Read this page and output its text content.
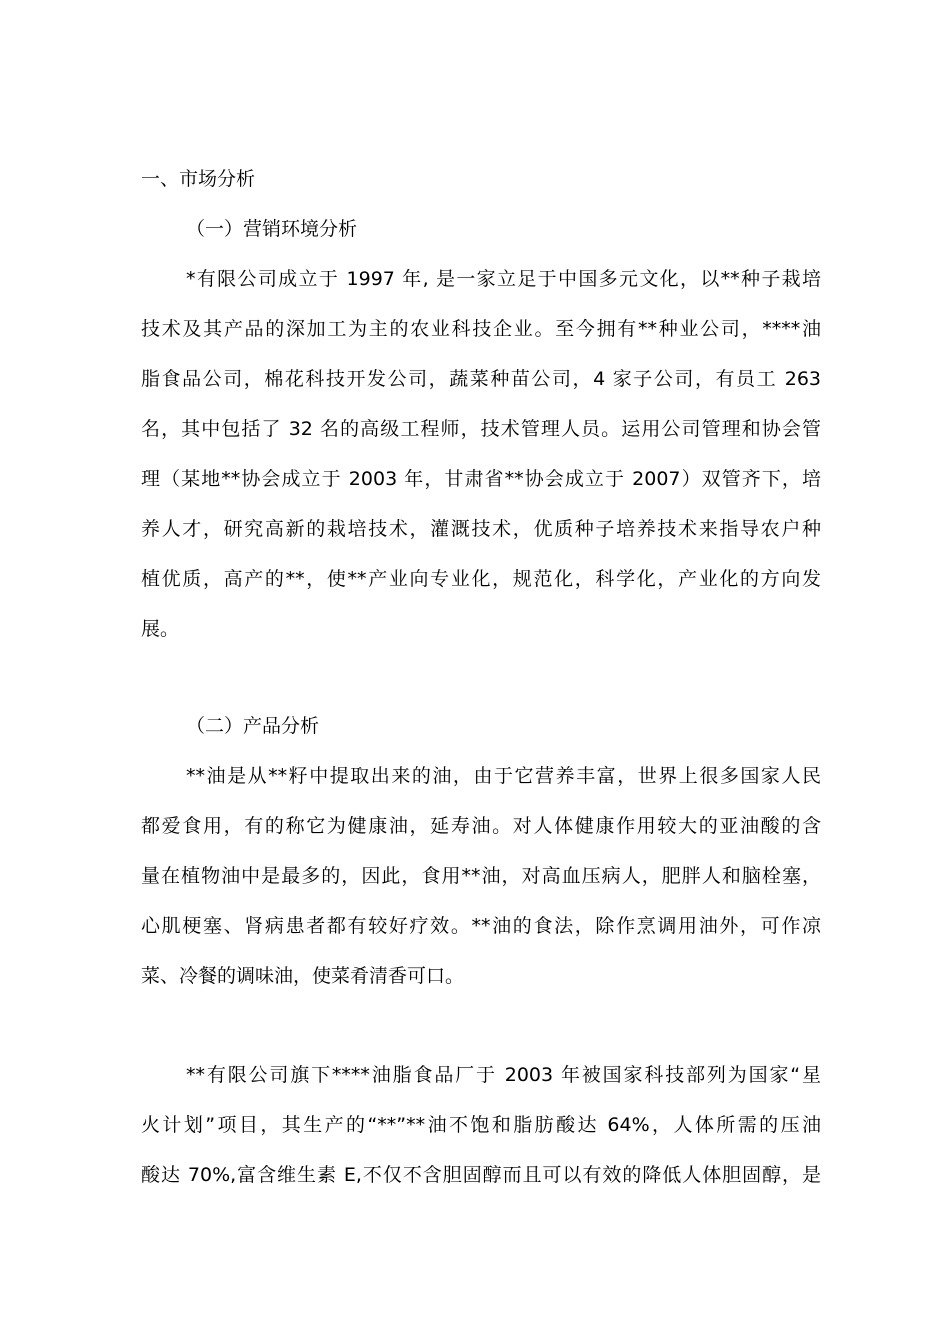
一、市场分析
（一）营销环境分析
*有限公司成立于 1997 年, 是一家立足于中国多元文化，以**种子栽培
技术及其产品的深加工为主的农业科技企业。至今拥有**种业公司，****油
脂食品公司，棉花科技开发公司，蔬菜种苗公司，4 家子公司，有员工 263
名，其中包括了 32 名的高级工程师，技术管理人员。运用公司管理和协会管
理（某地**协会成立于 2003 年，甘肃省**协会成立于 2007）双管齐下，培
养人才，研究高新的栽培技术，灌溉技术，优质种子培养技术来指导农户种
植优质，高产的**，使**产业向专业化，规范化，科学化，产业化的方向发
展。
（二）产品分析
**油是从**籽中提取出来的油，由于它营养丰富，世界上很多国家人民
都爱食用，有的称它为健康油，延寿油。对人体健康作用较大的亚油酸的含
量在植物油中是最多的，因此，食用**油，对高血压病人，肥胖人和脑栓塞，
心肌梗塞、肾病患者都有较好疗效。**油的食法，除作烹调用油外，可作凉
菜、冷餐的调味油，使菜肴清香可口。
**有限公司旗下****油脂食品厂于 2003 年被国家科技部列为国家“星
火计划”项目，其生产的“**”**油不饱和脂肪酸达 64%，人体所需的压油
酸达 70%,富含维生素 E,不仅不含胆固醇而且可以有效的降低人体胆固醇，是
